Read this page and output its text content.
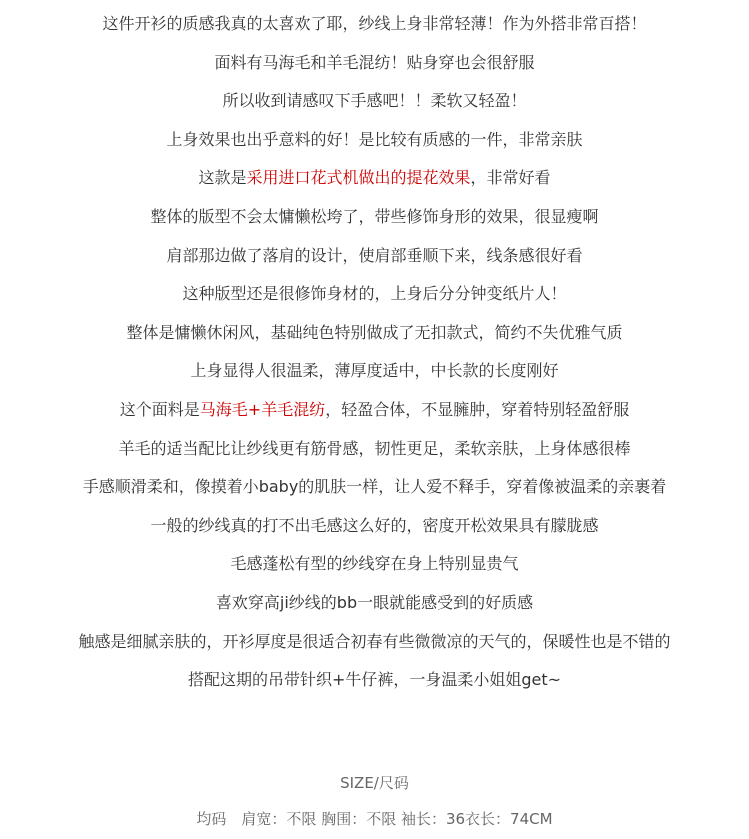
这件开衫的质感我真的太喜欢了耶，纱线上身非常轻薄！作为外搭非常百搭！
面料有马海毛和羊毛混纺！贴身穿也会很舒服
所以收到请感叹下手感吧！！柔软又轻盈！
上身效果也出乎意料的好！是比较有质感的一件，非常亲肤
这款是采用进口花式机做出的提花效果，非常好看
整体的版型不会太慵懒松垮了，带些修饰身形的效果，很显瘦啊
肩部那边做了落肩的设计，使肩部垂顺下来，线条感很好看
这种版型还是很修饰身材的，上身后分分钟变纸片人！
整体是慵懒休闲风，基础纯色特别做成了无扣款式，简约不失优雅气质
上身显得人很温柔，薄厚度适中，中长款的长度刚好
这个面料是马海毛+羊毛混纺，轻盈合体，不显臃肿，穿着特别轻盈舒服
羊毛的适当配比让纱线更有筋骨感，韧性更足，柔软亲肤，上身体感很棒
手感顺滑柔和，像摸着小baby的肌肤一样，让人爱不释手，穿着像被温柔的亲裹着
一般的纱线真的打不出毛感这么好的，密度开松效果具有朦胧感
毛感蓬松有型的纱线穿在身上特别显贵气
喜欢穿高ji纱线的bb一眼就能感受到的好质感
触感是细腻亲肤的，开衫厚度是很适合初春有些微微凉的天气的，保暖性也是不错的
搭配这期的吊带针织+牛仔裤，一身温柔小姐姐get~
SIZE/尺码
均码　肩宽：不限 胸围：不限 袖长：36衣长：74CM
